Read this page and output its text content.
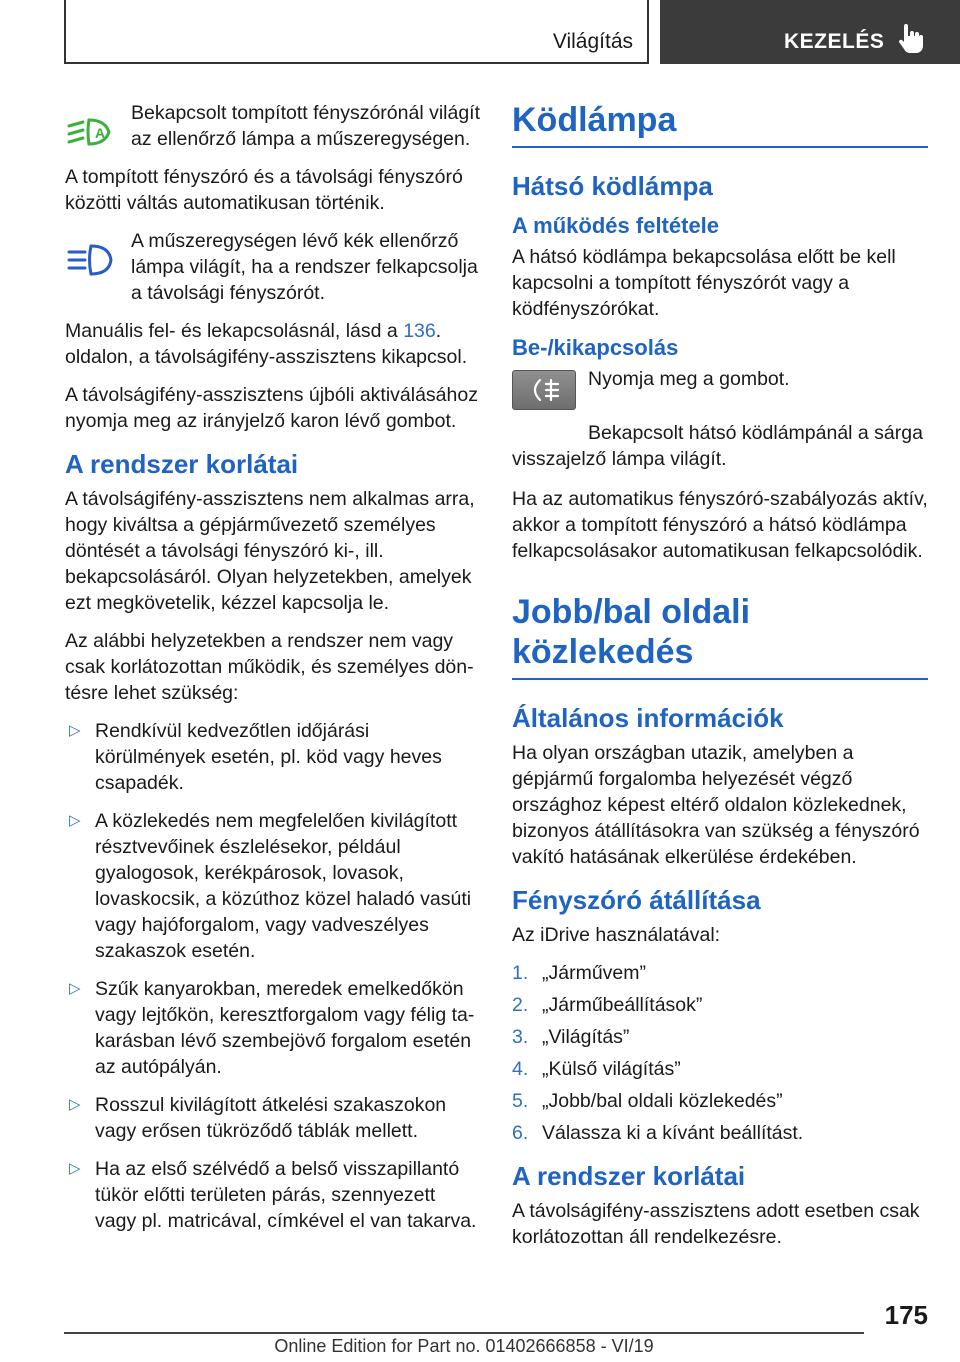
Világítás	KEZELÉS
A

Bekapcsolt tompított fényszórónál világít az ellenőrző lámpa a műszeregységen.

A tompított fényszóró és a távolsági fényszóró közötti váltás automatikusan történik.

A műszeregységen lévő kék ellenőrző lámpa világít, ha a rendszer felkapcsolja a távolsági fényszórót.

Manuális fel- és lekapcsolásnál, lásd a 136. oldalon, a távolságifény-asszisztens kikapcsol.

A távolságifény-asszisztens újbóli aktiválásához nyomja meg az irányjelző karon lévő gombot.

A rendszer korlátai

A távolságifény-asszisztens nem alkalmas arra, hogy kiváltsa a gépjárművezető személyes döntését a távolsági fényszóró ki-, ill. bekapcsolásáról. Olyan helyzetekben, amelyek ezt megkövetelik, kézzel kapcsolja le.

Az alábbi helyzetekben a rendszer nem vagy csak korlátozottan működik, és személyes döntésre lehet szükség:

▷ Rendkívül kedvezőtlen időjárási körülmények esetén, pl. köd vagy heves csapadék.
▷ A közlekedés nem megfelelően kivilágított résztvevőinek észlelésekor, például gyalogosok, kerékpárosok, lovasok, lovaskocsik, a közúthoz közel haladó vasúti vagy hajóforgalom, vagy vadveszélyes szakaszok esetén.
▷ Szűk kanyarokban, meredek emelkedőkön vagy lejtőkön, keresztforgalom vagy félig takarásban lévő szembejövő forgalom esetén az autópályán.
▷ Rosszul kivilágított átkelési szakaszokon vagy erősen tükröződő táblák mellett.
▷ Ha az első szélvédő a belső visszapillantó tükör előtti területen párás, szennyezett vagy pl. matricával, címkével el van takarva.
Ködlámpa
Hátsó ködlámpa
A működés feltétele

A hátsó ködlámpa bekapcsolása előtt be kell kapcsolni a tompított fényszórót vagy a ködfényszórókat.

Be-/kikapcsolás

Nyomja meg a gombot.

Bekapcsolt hátsó ködlámpánál a sárga visszajelző lámpa világít.

Ha az automatikus fényszóró-szabályozás aktív, akkor a tompított fényszóró a hátsó ködlámpa felkapcsolásakor automatikusan felkapcsolódik.

Jobb/bal oldali közlekedés
Általános információk

Ha olyan országban utazik, amelyben a gépjármű forgalomba helyezését végző országhoz képest eltérő oldalon közlekednek, bizonyos átállításokra van szükség a fényszóró vakító hatásának elkerülése érdekében.

Fényszóró átállítása

Az iDrive használatával:

1. „Járművem”
2. „Járműbeállítások”
3. „Világítás”
4. „Külső világítás”
5. „Jobb/bal oldali közlekedés”
6. Válassza ki a kívánt beállítást.
A rendszer korlátai

A távolságifény-asszisztens adott esetben csak korlátozottan áll rendelkezésre.

175
Online Edition for Part no. 01402666858 - VI/19
